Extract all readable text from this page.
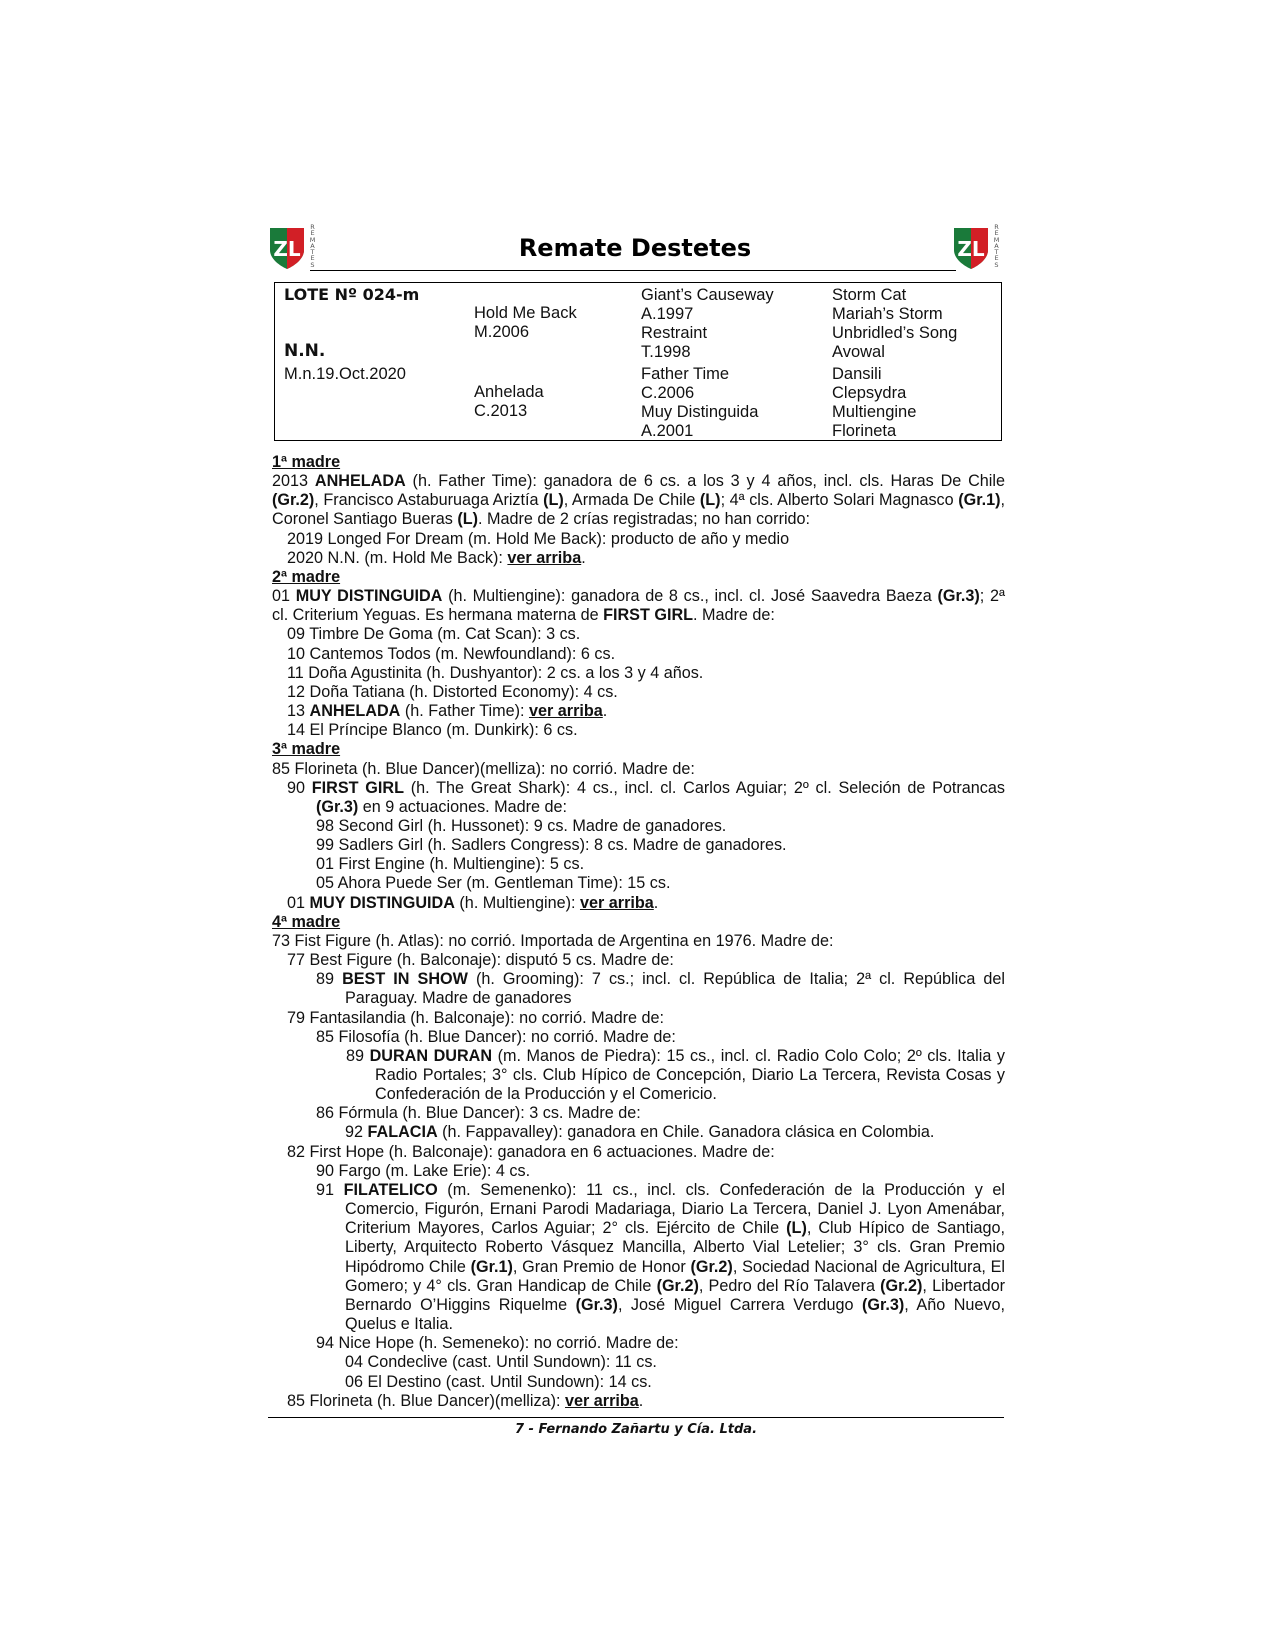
ZL
R
E
M
A
T
E
S
ZL
R
E
M
A
T
E
S
Remate Destetes
LOTE Nº 024-m
N.N.
M.n.19.Oct.2020
Hold Me Back
M.2006
Anhelada
C.2013
Giant’s Causeway
A.1997
Restraint
T.1998
Father Time
C.2006
Muy Distinguida
A.2001
Storm Cat
Mariah’s Storm
Unbridled’s Song
Avowal
Dansili
Clepsydra
Multiengine
Florineta

1ª madre

2013 ANHELADA (h. Father Time): ganadora de 6 cs. a los 3 y 4 años, incl. cls. Haras De Chile (Gr.2), Francisco Astaburuaga Ariztía (L), Armada De Chile (L); 4ª cls. Alberto Solari Magnasco (Gr.1), Coronel Santiago Bueras (L). Madre de 2 crías registradas; no han corrido:

2019 Longed For Dream (m. Hold Me Back): producto de año y medio

2020 N.N. (m. Hold Me Back): ver arriba.

2ª madre

01 MUY DISTINGUIDA (h. Multiengine): ganadora de 8 cs., incl. cl. José Saavedra Baeza (Gr.3); 2ª cl. Criterium Yeguas. Es hermana materna de FIRST GIRL. Madre de:

09 Timbre De Goma (m. Cat Scan): 3 cs.

10 Cantemos Todos (m. Newfoundland): 6 cs.

11 Doña Agustinita (h. Dushyantor): 2 cs. a los 3 y 4 años.

12 Doña Tatiana (h. Distorted Economy): 4 cs.

13 ANHELADA (h. Father Time): ver arriba.

14 El Príncipe Blanco (m. Dunkirk): 6 cs.

3ª madre

85 Florineta (h. Blue Dancer)(melliza): no corrió. Madre de:

90 FIRST GIRL (h. The Great Shark): 4 cs., incl. cl. Carlos Aguiar; 2º cl. Seleción de Potrancas (Gr.3) en 9 actuaciones. Madre de:

98 Second Girl (h. Hussonet): 9 cs. Madre de ganadores.

99 Sadlers Girl (h. Sadlers Congress): 8 cs. Madre de ganadores.

01 First Engine (h. Multiengine): 5 cs.

05 Ahora Puede Ser (m. Gentleman Time): 15 cs.

01 MUY DISTINGUIDA (h. Multiengine): ver arriba.

4ª madre

73 Fist Figure (h. Atlas): no corrió. Importada de Argentina en 1976. Madre de:

77 Best Figure (h. Balconaje): disputó 5 cs. Madre de:

89 BEST IN SHOW (h. Grooming): 7 cs.; incl. cl. República de Italia; 2ª cl. República del Paraguay. Madre de ganadores

79 Fantasilandia (h. Balconaje): no corrió. Madre de:

85 Filosofía (h. Blue Dancer): no corrió. Madre de:

89 DURAN DURAN (m. Manos de Piedra): 15 cs., incl. cl. Radio Colo Colo; 2º cls. Italia y Radio Portales; 3° cls. Club Hípico de Concepción, Diario La Tercera, Revista Cosas y Confederación de la Producción y el Comericio.

86 Fórmula (h. Blue Dancer): 3 cs. Madre de:

92 FALACIA (h. Fappavalley): ganadora en Chile. Ganadora clásica en Colombia.

82 First Hope (h. Balconaje): ganadora en 6 actuaciones. Madre de:

90 Fargo (m. Lake Erie): 4 cs.

91 FILATELICO (m. Semenenko): 11 cs., incl. cls. Confederación de la Producción y el Comercio, Figurón, Ernani Parodi Madariaga, Diario La Tercera, Daniel J. Lyon Amenábar, Criterium Mayores, Carlos Aguiar; 2° cls. Ejército de Chile (L), Club Hípico de Santiago, Liberty, Arquitecto Roberto Vásquez Mancilla, Alberto Vial Letelier; 3° cls. Gran Premio Hipódromo Chile (Gr.1), Gran Premio de Honor (Gr.2), Sociedad Nacional de Agricultura, El Gomero; y 4° cls. Gran Handicap de Chile (Gr.2), Pedro del Río Talavera (Gr.2), Libertador Bernardo O’Higgins Riquelme (Gr.3), José Miguel Carrera Verdugo (Gr.3), Año Nuevo, Quelus e Italia.

94 Nice Hope (h. Semeneko): no corrió. Madre de:

04 Condeclive (cast. Until Sundown): 11 cs.

06 El Destino (cast. Until Sundown): 14 cs.

85 Florineta (h. Blue Dancer)(melliza): ver arriba.

7 - Fernando Zañartu y Cía. Ltda.
